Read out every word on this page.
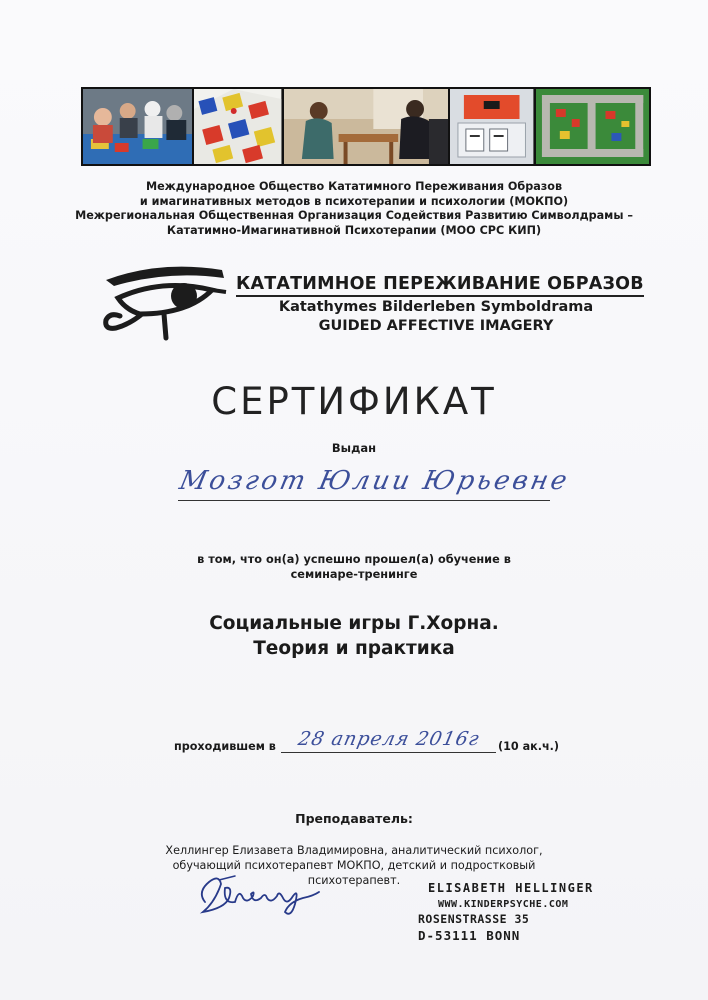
Международное Общество Кататимного Переживания Образов
и имагинативных методов в психотерапии и психологии (МОКПО)
Межрегиональная Общественная Организация Содействия Развитию Символдрамы –
Кататимно-Имагинативной Психотерапии (МОО СРС КИП)
КАТАТИМНОЕ ПЕРЕЖИВАНИЕ ОБРАЗОВ
Katathymes Bilderleben Symboldrama
GUIDED AFFECTIVE IMAGERY
СЕРТИФИКАТ
Выдан
Мозгот Юлии Юрьевне
в том, что он(а) успешно прошел(а) обучение в
семинаре-тренинге
Социальные игры Г.Хорна.
Теория и практика
проходившем в	28 апреля 2016г	(10 ак.ч.)
Преподаватель:
Хеллингер Елизавета Владимировна, аналитический психолог,
обучающий психотерапевт МОКПО, детский и подростковый
психотерапевт.
ELISABETH HELLINGER
WWW.KINDERPSYCHE.COM
ROSENSTRASSE 35
D-53111 BONN
